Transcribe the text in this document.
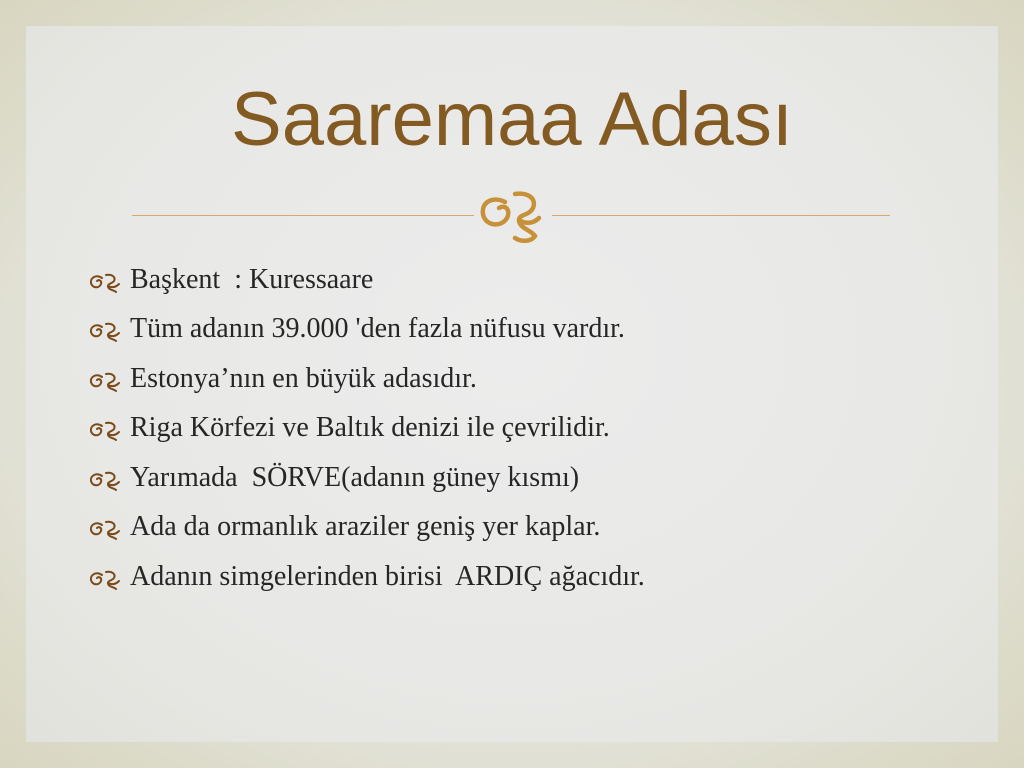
Saaremaa Adası
Başkent  : Kuressaare
Tüm adanın 39.000 'den fazla nüfusu vardır.
Estonya’nın en büyük adasıdır.
Riga Körfezi ve Baltık denizi ile çevrilidir.
Yarımada  SÖRVE(adanın güney kısmı)
Ada da ormanlık araziler geniş yer kaplar.
Adanın simgelerinden birisi  ARDIÇ ağacıdır.
